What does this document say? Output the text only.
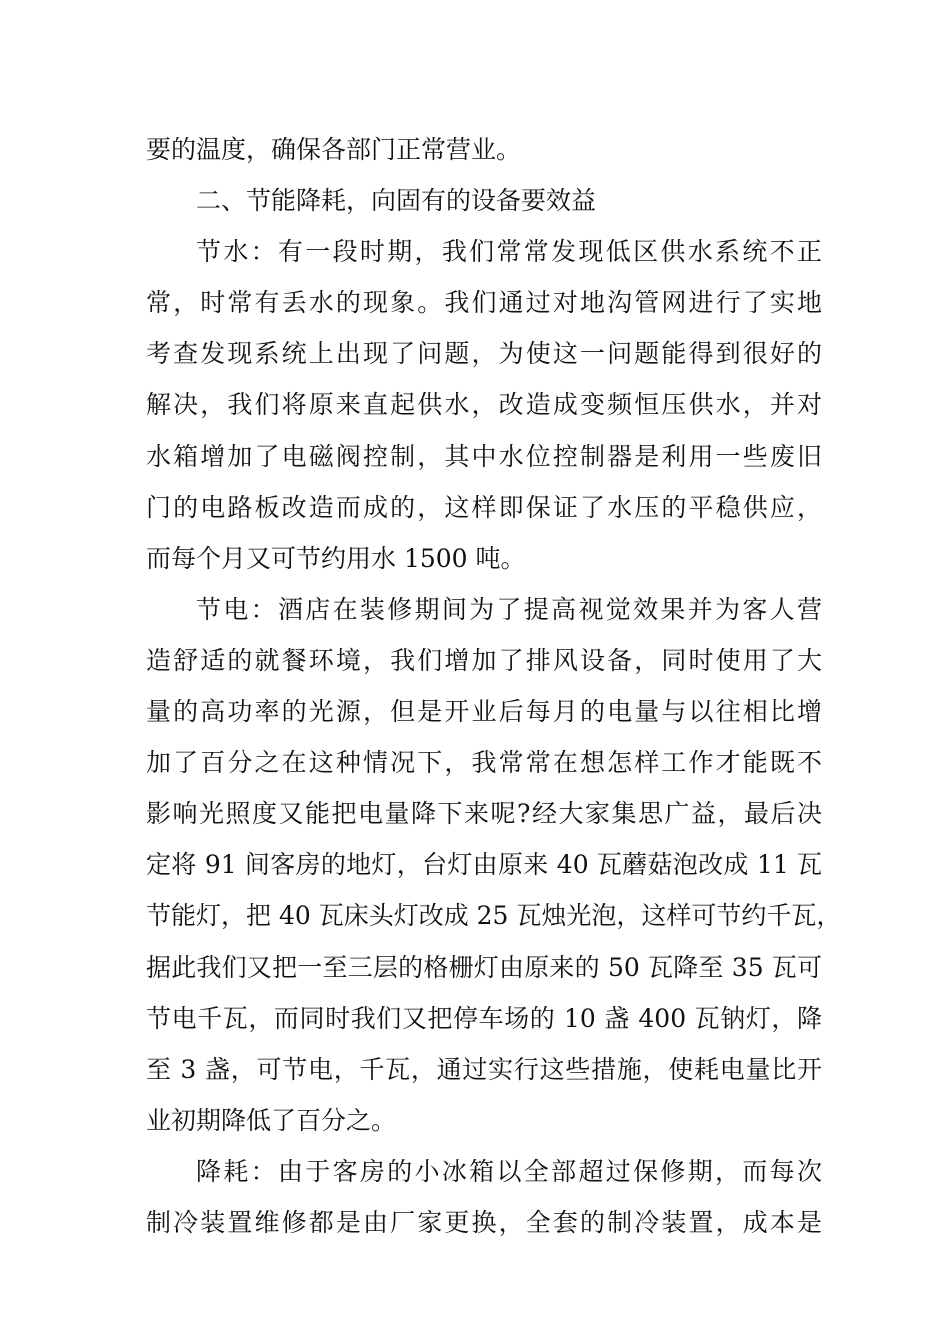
要的温度，确保各部门正常营业。
二、节能降耗，向固有的设备要效益
节水：有一段时期，我们常常发现低区供水系统不正
常，时常有丢水的现象。我们通过对地沟管网进行了实地
考查发现系统上出现了问题，为使这一问题能得到很好的
解决，我们将原来直起供水，改造成变频恒压供水，并对
水箱增加了电磁阀控制，其中水位控制器是利用一些废旧
门的电路板改造而成的，这样即保证了水压的平稳供应，
而每个月又可节约用水 1500 吨。
节电：酒店在装修期间为了提高视觉效果并为客人营
造舒适的就餐环境，我们增加了排风设备，同时使用了大
量的高功率的光源，但是开业后每月的电量与以往相比增
加了百分之在这种情况下，我常常在想怎样工作才能既不
影响光照度又能把电量降下来呢?经大家集思广益，最后决
定将 91 间客房的地灯，台灯由原来 40 瓦蘑菇泡改成 11 瓦
节能灯，把 40 瓦床头灯改成 25 瓦烛光泡，这样可节约千瓦，
据此我们又把一至三层的格栅灯由原来的 50 瓦降至 35 瓦可
节电千瓦，而同时我们又把停车场的 10 盏 400 瓦钠灯，降
至 3 盏，可节电，千瓦，通过实行这些措施，使耗电量比开
业初期降低了百分之。
降耗：由于客房的小冰箱以全部超过保修期，而每次
制冷装置维修都是由厂家更换，全套的制冷装置，成本是
